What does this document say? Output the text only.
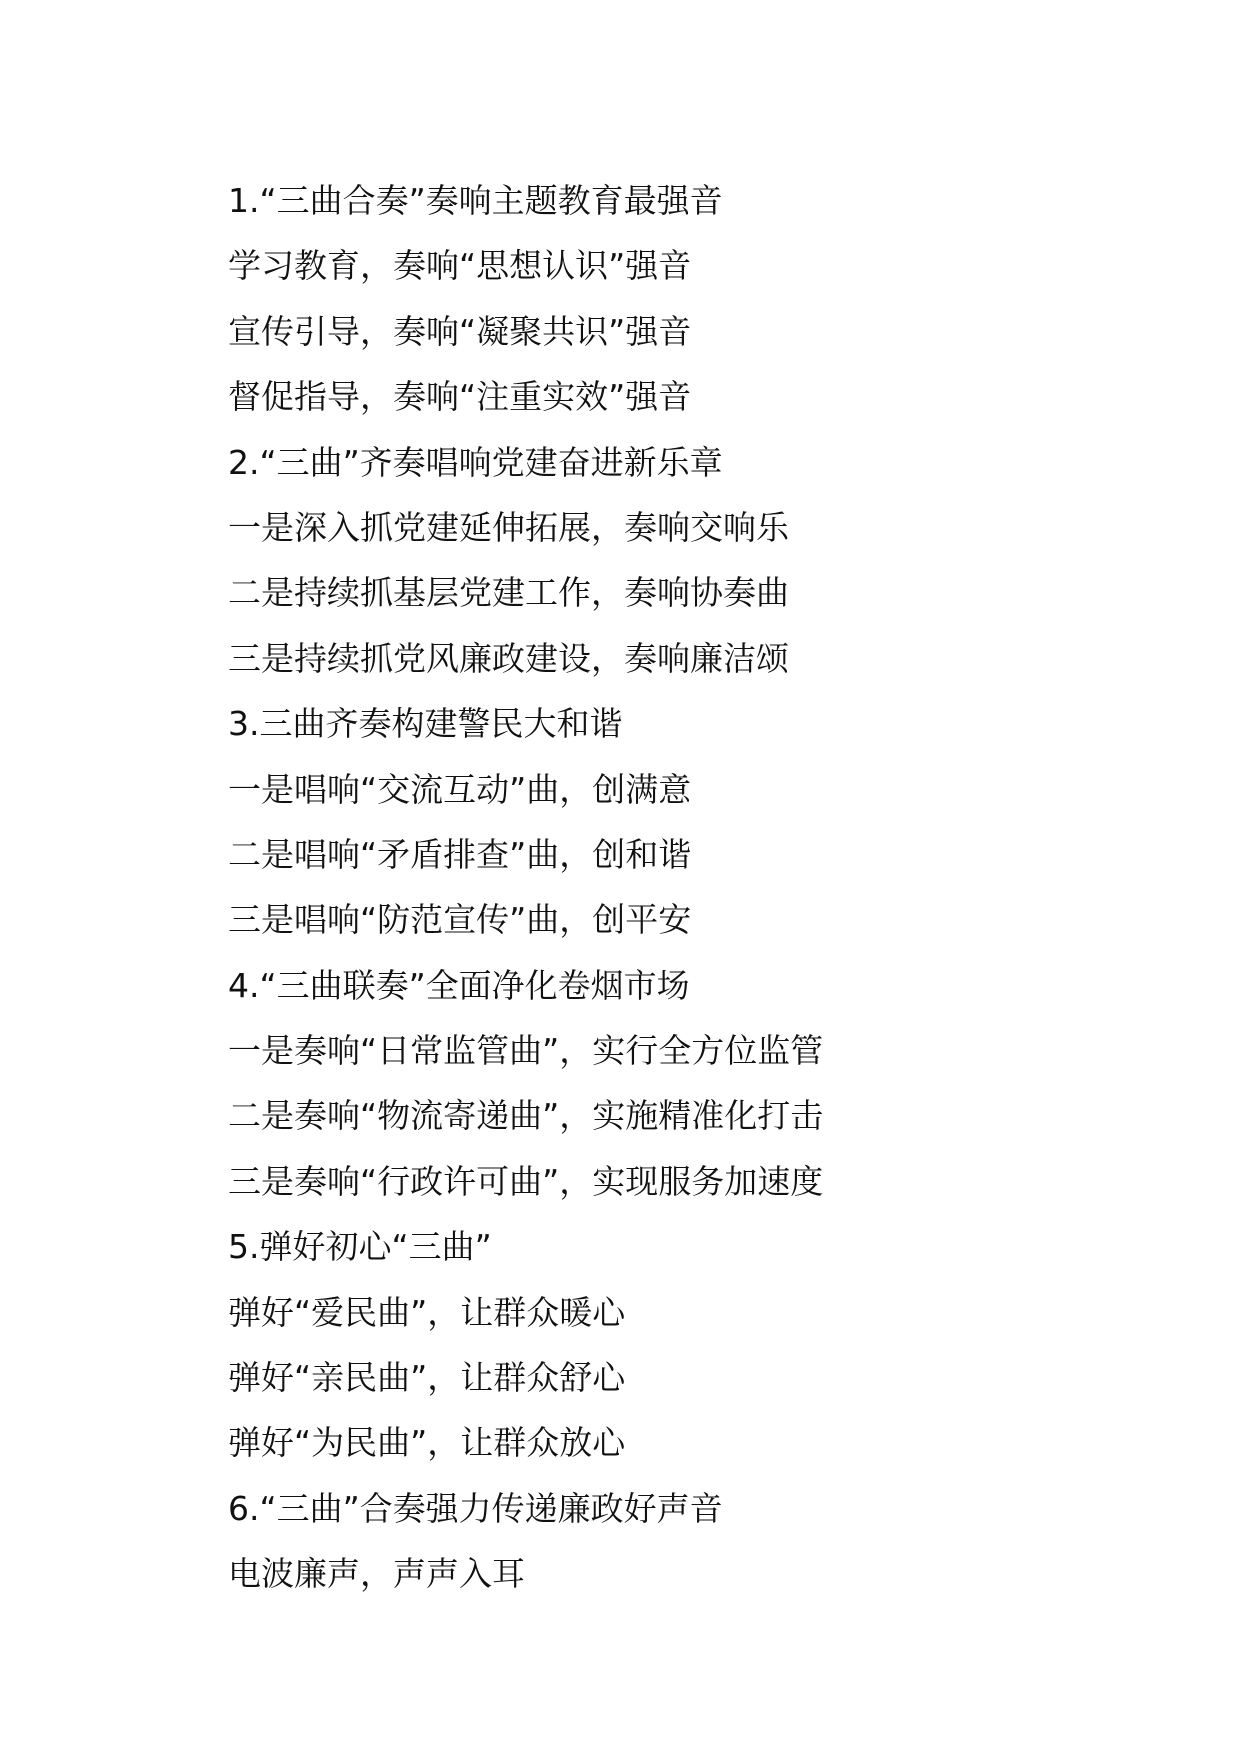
1.“三曲合奏”奏响主题教育最强音
学习教育，奏响“思想认识”强音
宣传引导，奏响“凝聚共识”强音
督促指导，奏响“注重实效”强音
2.“三曲”齐奏唱响党建奋进新乐章
一是深入抓党建延伸拓展，奏响交响乐
二是持续抓基层党建工作，奏响协奏曲
三是持续抓党风廉政建设，奏响廉洁颂
3.三曲齐奏构建警民大和谐
一是唱响“交流互动”曲，创满意
二是唱响“矛盾排查”曲，创和谐
三是唱响“防范宣传”曲，创平安
4.“三曲联奏”全面净化卷烟市场
一是奏响“日常监管曲”，实行全方位监管
二是奏响“物流寄递曲”，实施精准化打击
三是奏响“行政许可曲”，实现服务加速度
5.弹好初心“三曲”
弹好“爱民曲”，让群众暖心
弹好“亲民曲”，让群众舒心
弹好“为民曲”，让群众放心
6.“三曲”合奏强力传递廉政好声音
电波廉声，声声入耳
